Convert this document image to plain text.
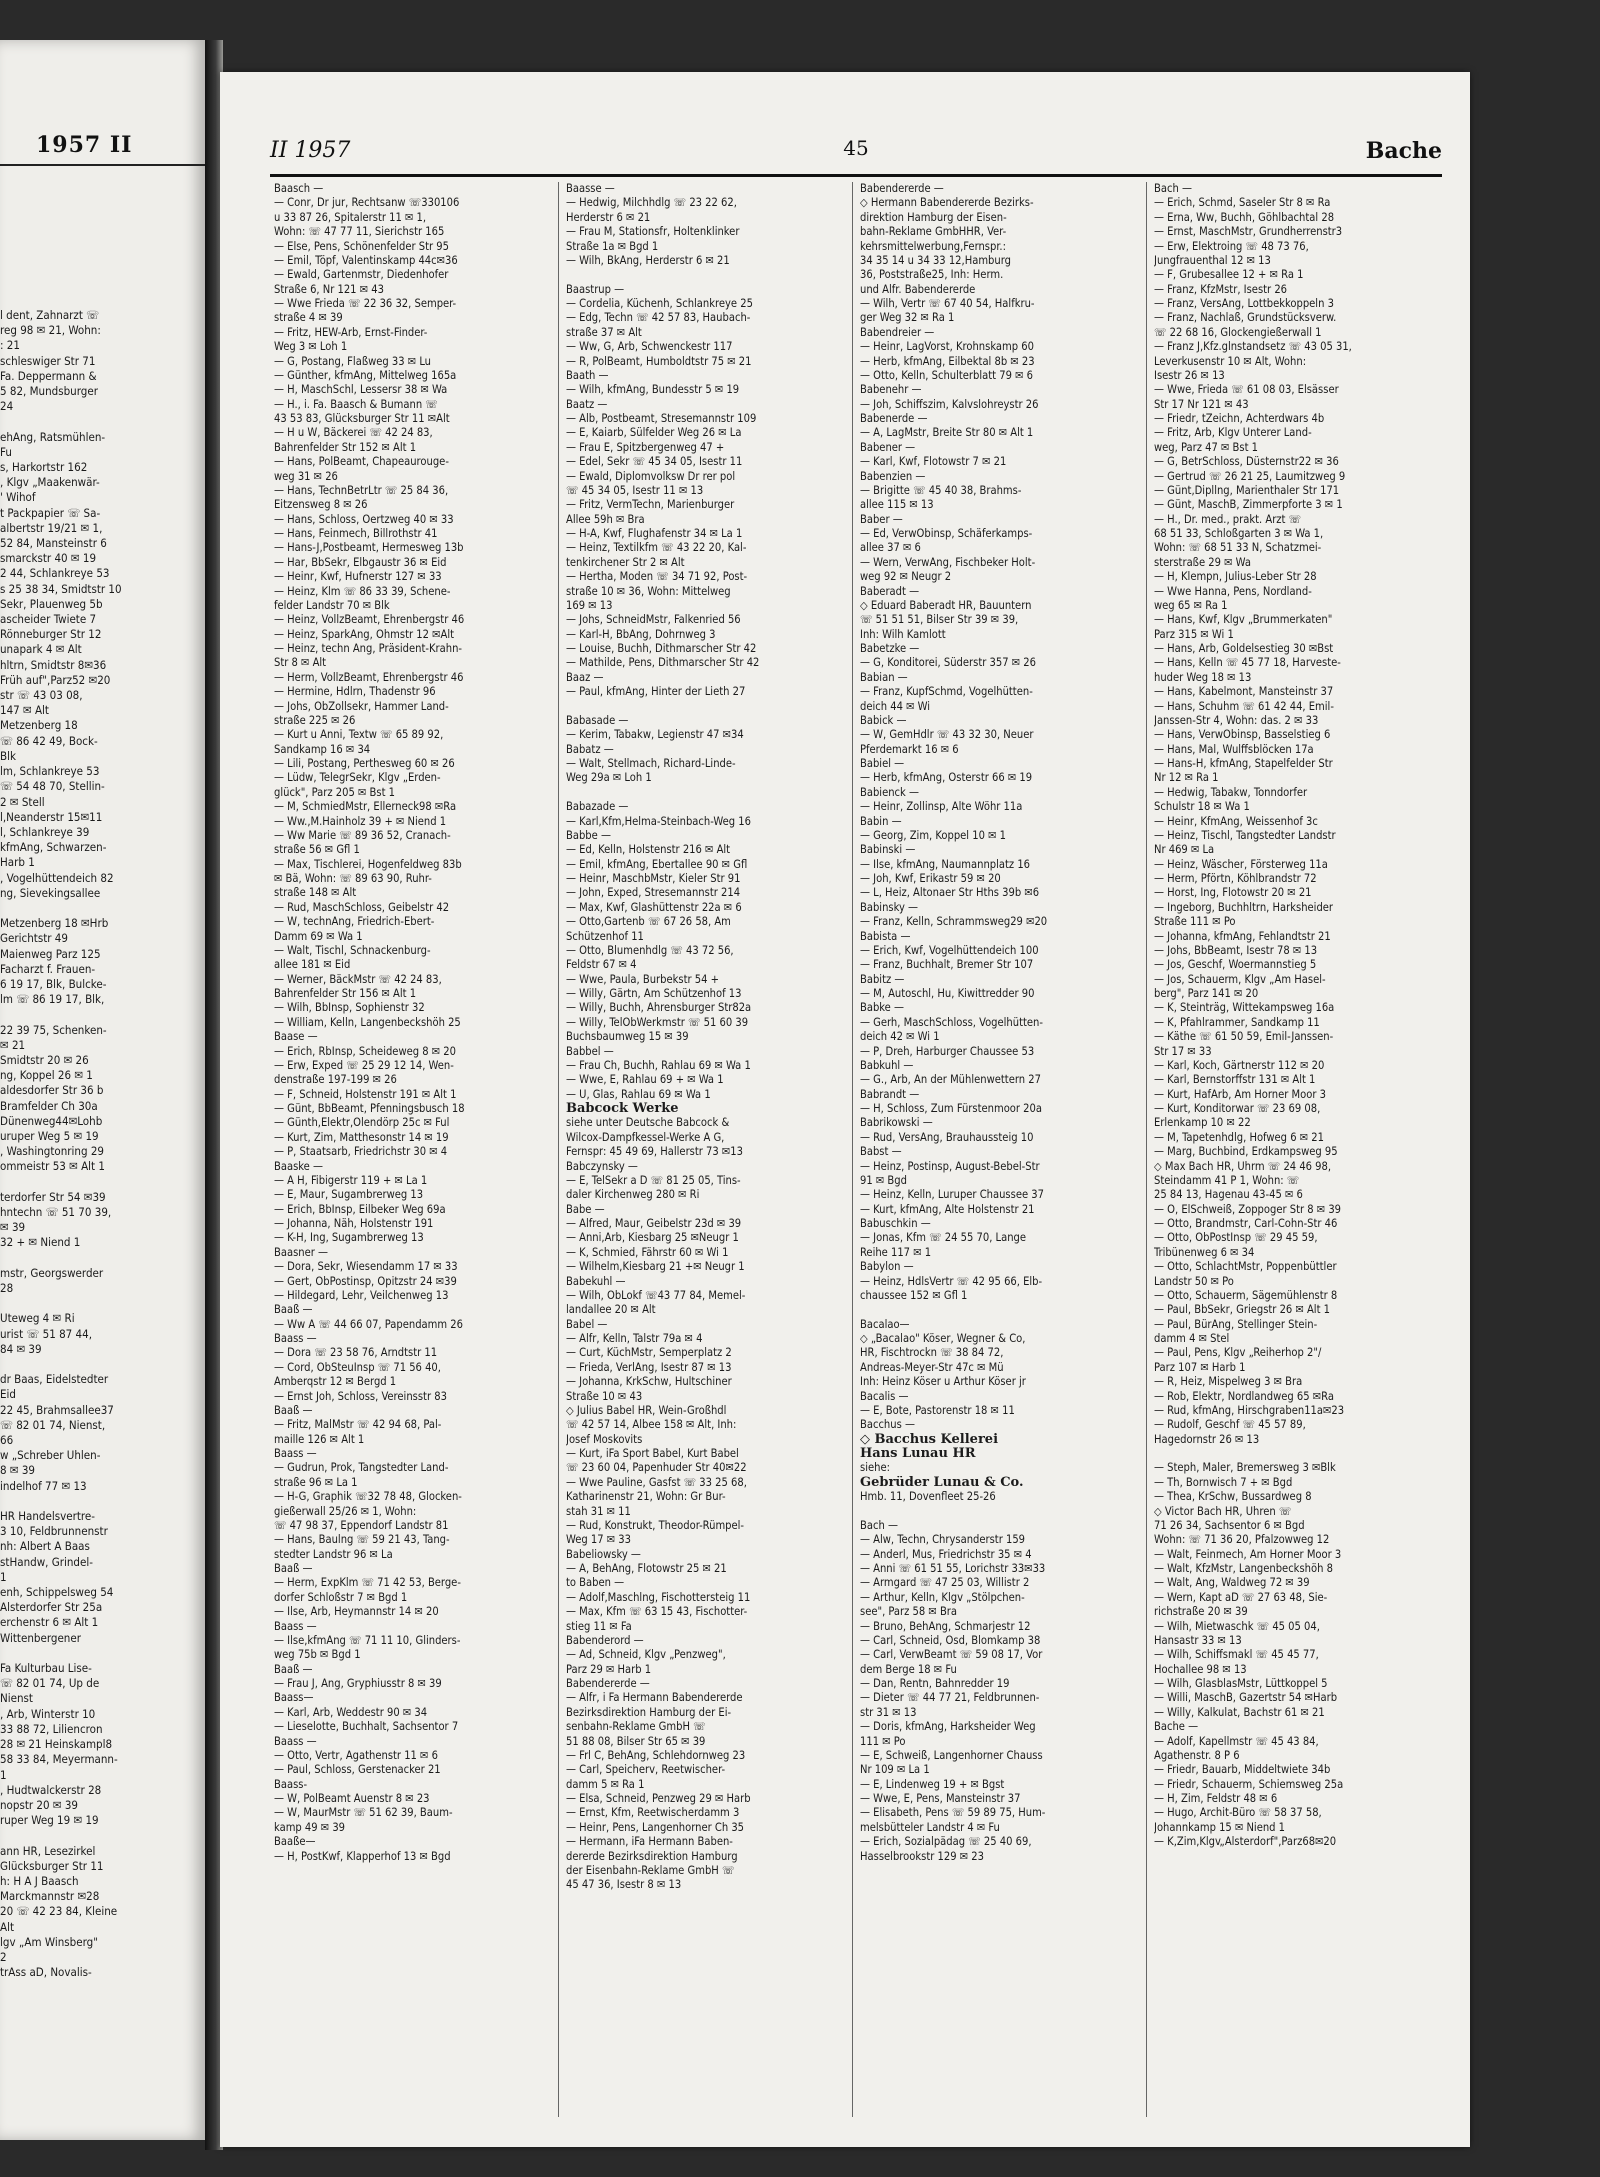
1957 II
l dent, Zahnarzt ☏
reg 98 ✉ 21, Wohn:
: 21
schleswiger Str 71
Fa. Deppermann &
5 82, Mundsburger
24

ehAng, Ratsmühlen-
Fu
s, Harkortstr 162
, Klgv „Maakenwär-
' Wihof
t Packpapier ☏ Sa-
albertstr 19/21 ✉ 1,
52 84, Mansteinstr 6
smarckstr 40 ✉ 19
2 44, Schlankreye 53
s 25 38 34, Smidtstr 10
Sekr, Plauenweg 5b
ascheider Twiete 7
Rönneburger Str 12
unapark 4 ✉ Alt
hltrn, Smidtstr 8✉36
Früh auf",Parz52 ✉20
str ☏ 43 03 08,
147 ✉ Alt
Metzenberg 18
☏ 86 42 49, Bock-
Blk
lm, Schlankreye 53
☏ 54 48 70, Stellin-
2 ✉ Stell
l,Neanderstr 15✉11
l, Schlankreye 39
kfmAng, Schwarzen-
Harb 1
, Vogelhüttendeich 82
ng, Sievekingsallee

Metzenberg 18 ✉Hrb
Gerichtstr 49
Maienweg Parz 125
Facharzt f. Frauen-
6 19 17, Blk, Bulcke-
lm ☏ 86 19 17, Blk,

22 39 75, Schenken-
✉ 21
Smidtstr 20 ✉ 26
ng, Koppel 26 ✉ 1
aldesdorfer Str 36 b
Bramfelder Ch 30a
Dünenweg44✉Lohb
uruper Weg 5 ✉ 19
, Washingtonring 29
ommeistr 53 ✉ Alt 1

terdorfer Str 54 ✉39
hntechn ☏ 51 70 39,
✉ 39
32 + ✉ Niend 1

mstr, Georgswerder
28

Uteweg 4 ✉ Ri
urist ☏ 51 87 44,
84 ✉ 39

dr Baas, Eidelstedter
Eid
22 45, Brahmsallee37
☏ 82 01 74, Nienst,
66
w „Schreber Uhlen-
8 ✉ 39
indelhof 77 ✉ 13

HR Handelsvertre-
3 10, Feldbrunnenstr
nh: Albert A Baas
stHandw, Grindel-
1
enh, Schippelsweg 54
Alsterdorfer Str 25a
erchenstr 6 ✉ Alt 1
Wittenbergener

Fa Kulturbau Lise-
☏ 82 01 74, Up de
Nienst
, Arb, Winterstr 10
33 88 72, Liliencron
28 ✉ 21 Heinskampl8
58 33 84, Meyermann-
1
, Hudtwalckerstr 28
nopstr 20 ✉ 39
ruper Weg 19 ✉ 19

ann HR, Lesezirkel
Glücksburger Str 11
h: H A J Baasch
Marckmannstr ✉28
20 ☏ 42 23 84, Kleine
Alt
lgv „Am Winsberg"
2
trAss aD, Novalis-
II 1957	45	Bache
Baasch —
— Conr, Dr jur, Rechtsanw ☏330106
u 33 87 26, Spitalerstr 11 ✉ 1,
Wohn: ☏ 47 77 11, Sierichstr 165
— Else, Pens, Schönenfelder Str 95
— Emil, Töpf, Valentinskamp 44c✉36
— Ewald, Gartenmstr, Diedenhofer
Straße 6, Nr 121 ✉ 43
— Wwe Frieda ☏ 22 36 32, Semper-
straße 4 ✉ 39
— Fritz, HEW-Arb, Ernst-Finder-
Weg 3 ✉ Loh 1
— G, Postang, Flaßweg 33 ✉ Lu
— Günther, kfmAng, Mittelweg 165a
— H, MaschSchl, Lessersr 38 ✉ Wa
— H., i. Fa. Baasch & Bumann ☏
43 53 83, Glücksburger Str 11 ✉Alt
— H u W, Bäckerei ☏ 42 24 83,
Bahrenfelder Str 152 ✉ Alt 1
— Hans, PolBeamt, Chapeaurouge-
weg 31 ✉ 26
— Hans, TechnBetrLtr ☏ 25 84 36,
Eitzensweg 8 ✉ 26
— Hans, Schloss, Oertzweg 40 ✉ 33
— Hans, Feinmech, Billrothstr 41
— Hans-J,Postbeamt, Hermesweg 13b
— Har, BbSekr, Elbgaustr 36 ✉ Eid
— Heinr, Kwf, Hufnerstr 127 ✉ 33
— Heinz, Klm ☏ 86 33 39, Schene-
felder Landstr 70 ✉ Blk
— Heinz, VollzBeamt, Ehrenbergstr 46
— Heinz, SparkAng, Ohmstr 12 ✉Alt
— Heinz, techn Ang, Präsident-Krahn-
Str 8 ✉ Alt
— Herm, VollzBeamt, Ehrenbergstr 46
— Hermine, Hdlrn, Thadenstr 96
— Johs, ObZollsekr, Hammer Land-
straße 225 ✉ 26
— Kurt u Anni, Textw ☏ 65 89 92,
Sandkamp 16 ✉ 34
— Lili, Postang, Perthesweg 60 ✉ 26
— Lüdw, TelegrSekr, Klgv „Erden-
glück", Parz 205 ✉ Bst 1
— M, SchmiedMstr, Ellerneck98 ✉Ra
— Ww.,M.Hainholz 39 + ✉ Niend 1
— Ww Marie ☏ 89 36 52, Cranach-
straße 56 ✉ Gfl 1
— Max, Tischlerei, Hogenfeldweg 83b
✉ Bä, Wohn: ☏ 89 63 90, Ruhr-
straße 148 ✉ Alt
— Rud, MaschSchloss, Geibelstr 42
— W, technAng, Friedrich-Ebert-
Damm 69 ✉ Wa 1
— Walt, Tischl, Schnackenburg-
allee 181 ✉ Eid
— Werner, BäckMstr ☏ 42 24 83,
Bahrenfelder Str 156 ✉ Alt 1
— Wilh, BbInsp, Sophienstr 32
— William, Kelln, Langenbeckshöh 25
Baase —
— Erich, RbInsp, Scheideweg 8 ✉ 20
— Erw, Exped ☏ 25 29 12 14, Wen-
denstraße 197-199 ✉ 26
— F, Schneid, Holstenstr 191 ✉ Alt 1
— Günt, BbBeamt, Pfenningsbusch 18
— Günth,Elektr,Olendörp 25c ✉ Ful
— Kurt, Zim, Matthesonstr 14 ✉ 19
— P, Staatsarb, Friedrichstr 30 ✉ 4
Baaske —
— A H, Fibigerstr 119 + ✉ La 1
— E, Maur, Sugambrerweg 13
— Erich, BbInsp, Eilbeker Weg 69a
— Johanna, Näh, Holstenstr 191
— K-H, Ing, Sugambrerweg 13
Baasner —
— Dora, Sekr, Wiesendamm 17 ✉ 33
— Gert, ObPostinsp, Opitzstr 24 ✉39
— Hildegard, Lehr, Veilchenweg 13
Baaß —
— Ww A ☏ 44 66 07, Papendamm 26
Baass —
— Dora ☏ 23 58 76, Arndtstr 11
— Cord, ObSteuInsp ☏ 71 56 40,
Amberqstr 12 ✉ Bergd 1
— Ernst Joh, Schloss, Vereinsstr 83
Baaß —
— Fritz, MalMstr ☏ 42 94 68, Pal-
maille 126 ✉ Alt 1
Baass —
— Gudrun, Prok, Tangstedter Land-
straße 96 ✉ La 1
— H-G, Graphik ☏32 78 48, Glocken-
gießerwall 25/26 ✉ 1, Wohn:
☏ 47 98 37, Eppendorf Landstr 81
— Hans, Baulng ☏ 59 21 43, Tang-
stedter Landstr 96 ✉ La
Baaß —
— Herm, ExpKlm ☏ 71 42 53, Berge-
dorfer Schloßstr 7 ✉ Bgd 1
— Ilse, Arb, Heymannstr 14 ✉ 20
Baass —
— Ilse,kfmAng ☏ 71 11 10, Glinders-
weg 75b ✉ Bgd 1
Baaß —
— Frau J, Ang, Gryphiusstr 8 ✉ 39
Baass—
— Karl, Arb, Weddestr 90 ✉ 34
— Lieselotte, Buchhalt, Sachsentor 7
Baass —
— Otto, Vertr, Agathenstr 11 ✉ 6
— Paul, Schloss, Gerstenacker 21
Baass-
— W, PolBeamt Auenstr 8 ✉ 23
— W, MaurMstr ☏ 51 62 39, Baum-
kamp 49 ✉ 39
Baaße—
— H, PostKwf, Klapperhof 13 ✉ Bgd
Baasse —
— Hedwig, Milchhdlg ☏ 23 22 62,
Herderstr 6 ✉ 21
— Frau M, Stationsfr, Holtenklinker
Straße 1a ✉ Bgd 1
— Wilh, BkAng, Herderstr 6 ✉ 21

Baastrup —
— Cordelia, Küchenh, Schlankreye 25
— Edg, Techn ☏ 42 57 83, Haubach-
straße 37 ✉ Alt
— Ww, G, Arb, Schwenckestr 117
— R, PolBeamt, Humboldtstr 75 ✉ 21
Baath —
— Wilh, kfmAng, Bundesstr 5 ✉ 19
Baatz —
— Alb, Postbeamt, Stresemannstr 109
— E, Kaiarb, Sülfelder Weg 26 ✉ La
— Frau E, Spitzbergenweg 47 +
— Edel, Sekr ☏ 45 34 05, Isestr 11
— Ewald, Diplomvolksw Dr rer pol
☏ 45 34 05, Isestr 11 ✉ 13
— Fritz, VermTechn, Marienburger
Allee 59h ✉ Bra
— H-A, Kwf, Flughafenstr 34 ✉ La 1
— Heinz, Textilkfm ☏ 43 22 20, Kal-
tenkirchener Str 2 ✉ Alt
— Hertha, Moden ☏ 34 71 92, Post-
straße 10 ✉ 36, Wohn: Mittelweg
169 ✉ 13
— Johs, SchneidMstr, Falkenried 56
— Karl-H, BbAng, Dohrnweg 3
— Louise, Buchh, Dithmarscher Str 42
— Mathilde, Pens, Dithmarscher Str 42
Baaz —
— Paul, kfmAng, Hinter der Lieth 27

Babasade —
— Kerim, Tabakw, Legienstr 47 ✉34
Babatz —
— Walt, Stellmach, Richard-Linde-
Weg 29a ✉ Loh 1

Babazade —
— Karl,Kfm,Helma-Steinbach-Weg 16
Babbe —
— Ed, Kelln, Holstenstr 216 ✉ Alt
— Emil, kfmAng, Ebertallee 90 ✉ Gfl
— Heinr, MaschbMstr, Kieler Str 91
— John, Exped, Stresemannstr 214
— Max, Kwf, Glashüttenstr 22a ✉ 6
— Otto,Gartenb ☏ 67 26 58, Am
Schützenhof 11
— Otto, Blumenhdlg ☏ 43 72 56,
Feldstr 67 ✉ 4
— Wwe, Paula, Burbekstr 54 +
— Willy, Gärtn, Am Schützenhof 13
— Willy, Buchh, Ahrensburger Str82a
— Willy, TelObWerkmstr ☏ 51 60 39
Buchsbaumweg 15 ✉ 39
Babbel —
— Frau Ch, Buchh, Rahlau 69 ✉ Wa 1
— Wwe, E, Rahlau 69 + ✉ Wa 1
— U, Glas, Rahlau 69 ✉ Wa 1
Babcock Werke
siehe unter Deutsche Babcock &
Wilcox-Dampfkessel-Werke A G,
Fernspr: 45 49 69, Hallerstr 73 ✉13
Babczynsky —
— E, TelSekr a D ☏ 81 25 05, Tins-
daler Kirchenweg 280 ✉ Ri
Babe —
— Alfred, Maur, Geibelstr 23d ✉ 39
— Anni,Arb, Kiesbarg 25 ✉Neugr 1
— K, Schmied, Fährstr 60 ✉ Wi 1
— Wilhelm,Kiesbarg 21 +✉ Neugr 1
Babekuhl —
— Wilh, ObLokf ☏43 77 84, Memel-
landallee 20 ✉ Alt
Babel —
— Alfr, Kelln, Talstr 79a ✉ 4
— Curt, KüchMstr, Semperplatz 2
— Frieda, VerlAng, Isestr 87 ✉ 13
— Johanna, KrkSchw, Hultschiner
Straße 10 ✉ 43
◇ Julius Babel HR, Wein-Großhdl
☏ 42 57 14, Albee 158 ✉ Alt, Inh:
Josef Moskovits
— Kurt, iFa Sport Babel, Kurt Babel
☏ 23 60 04, Papenhuder Str 40✉22
— Wwe Pauline, Gasfst ☏ 33 25 68,
Katharinenstr 21, Wohn: Gr Bur-
stah 31 ✉ 11
— Rud, Konstrukt, Theodor-Rümpel-
Weg 17 ✉ 33
Babeliowsky —
— A, BehAng, Flotowstr 25 ✉ 21
to Baben —
— Adolf,Maschlng, Fischottersteig 11
— Max, Kfm ☏ 63 15 43, Fischotter-
stieg 11 ✉ Fa
Babenderord —
— Ad, Schneid, Klgv „Penzweg",
Parz 29 ✉ Harb 1
Babendererde —
— Alfr, i Fa Hermann Babendererde
Bezirksdirektion Hamburg der Ei-
senbahn-Reklame GmbH ☏
51 88 08, Bilser Str 65 ✉ 39
— Frl C, BehAng, Schlehdornweg 23
— Carl, Speicherv, Reetwischer-
damm 5 ✉ Ra 1
— Elsa, Schneid, Penzweg 29 ✉ Harb
— Ernst, Kfm, Reetwischerdamm 3
— Heinr, Pens, Langenhorner Ch 35
— Hermann, iFa Hermann Baben-
dererde Bezirksdirektion Hamburg
der Eisenbahn-Reklame GmbH ☏
45 47 36, Isestr 8 ✉ 13
Babendererde —
◇ Hermann Babendererde Bezirks-
direktion Hamburg der Eisen-
bahn-Reklame GmbHHR, Ver-
kehrsmittelwerbung,Fernspr.:
34 35 14 u 34 33 12,Hamburg
36, Poststraße25, Inh: Herm.
und Alfr. Babendererde
— Wilh, Vertr ☏ 67 40 54, Halfkru-
ger Weg 32 ✉ Ra 1
Babendreier —
— Heinr, LagVorst, Krohnskamp 60
— Herb, kfmAng, Eilbektal 8b ✉ 23
— Otto, Kelln, Schulterblatt 79 ✉ 6
Babenehr —
— Joh, Schiffszim, Kalvslohreystr 26
Babenerde —
— A, LagMstr, Breite Str 80 ✉ Alt 1
Babener —
— Karl, Kwf, Flotowstr 7 ✉ 21
Babenzien —
— Brigitte ☏ 45 40 38, Brahms-
allee 115 ✉ 13
Baber —
— Ed, VerwObinsp, Schäferkamps-
allee 37 ✉ 6
— Wern, VerwAng, Fischbeker Holt-
weg 92 ✉ Neugr 2
Baberadt —
◇ Eduard Baberadt HR, Bauuntern
☏ 51 51 51, Bilser Str 39 ✉ 39,
Inh: Wilh Kamlott
Babetzke —
— G, Konditorei, Süderstr 357 ✉ 26
Babian —
— Franz, KupfSchmd, Vogelhütten-
deich 44 ✉ Wi
Babick —
— W, GemHdlr ☏ 43 32 30, Neuer
Pferdemarkt 16 ✉ 6
Babiel —
— Herb, kfmAng, Osterstr 66 ✉ 19
Babienck —
— Heinr, Zollinsp, Alte Wöhr 11a
Babin —
— Georg, Zim, Koppel 10 ✉ 1
Babinski —
— Ilse, kfmAng, Naumannplatz 16
— Joh, Kwf, Erikastr 59 ✉ 20
— L, Heiz, Altonaer Str Hths 39b ✉6
Babinsky —
— Franz, Kelln, Schrammsweg29 ✉20
Babista —
— Erich, Kwf, Vogelhüttendeich 100
— Franz, Buchhalt, Bremer Str 107
Babitz —
— M, Autoschl, Hu, Kiwittredder 90
Babke —
— Gerh, MaschSchloss, Vogelhütten-
deich 42 ✉ Wi 1
— P, Dreh, Harburger Chaussee 53
Babkuhl —
— G., Arb, An der Mühlenwettern 27
Babrandt —
— H, Schloss, Zum Fürstenmoor 20a
Babrikowski —
— Rud, VersAng, Brauhaussteig 10
Babst —
— Heinz, Postinsp, August-Bebel-Str
91 ✉ Bgd
— Heinz, Kelln, Luruper Chaussee 37
— Kurt, kfmAng, Alte Holstenstr 21
Babuschkin —
— Jonas, Kfm ☏ 24 55 70, Lange
Reihe 117 ✉ 1
Babylon —
— Heinz, HdlsVertr ☏ 42 95 66, Elb-
chaussee 152 ✉ Gfl 1

Bacalao—
◇ „Bacalao" Köser, Wegner & Co,
HR, Fischtrockn ☏ 38 84 72,
Andreas-Meyer-Str 47c ✉ Mü
Inh: Heinz Köser u Arthur Köser jr
Bacalis —
— E, Bote, Pastorenstr 18 ✉ 11
Bacchus —
◇ Bacchus Kellerei
Hans Lunau HR
siehe:
Gebrüder Lunau & Co.
Hmb. 11, Dovenfleet 25-26

Bach —
— Alw, Techn, Chrysanderstr 159
— Anderl, Mus, Friedrichstr 35 ✉ 4
— Anni ☏ 61 51 55, Lorichstr 33✉33
— Armgard ☏ 47 25 03, Willistr 2
— Arthur, Kelln, Klgv „Stölpchen-
see", Parz 58 ✉ Bra
— Bruno, BehAng, Schmarjestr 12
— Carl, Schneid, Osd, Blomkamp 38
— Carl, VerwBeamt ☏ 59 08 17, Vor
dem Berge 18 ✉ Fu
— Dan, Rentn, Bahnredder 19
— Dieter ☏ 44 77 21, Feldbrunnen-
str 31 ✉ 13
— Doris, kfmAng, Harksheider Weg
111 ✉ Po
— E, Schweiß, Langenhorner Chauss
Nr 109 ✉ La 1
— E, Lindenweg 19 + ✉ Bgst
— Wwe, E, Pens, Mansteinstr 37
— Elisabeth, Pens ☏ 59 89 75, Hum-
melsbütteler Landstr 4 ✉ Fu
— Erich, Sozialpädag ☏ 25 40 69,
Hasselbrookstr 129 ✉ 23
Bach —
— Erich, Schmd, Saseler Str 8 ✉ Ra
— Erna, Ww, Buchh, Göhlbachtal 28
— Ernst, MaschMstr, Grundherrenstr3
— Erw, Elektroing ☏ 48 73 76,
Jungfrauenthal 12 ✉ 13
— F, Grubesallee 12 + ✉ Ra 1
— Franz, KfzMstr, Isestr 26
— Franz, VersAng, Lottbekkoppeln 3
— Franz, Nachlaß, Grundstücksverw.
☏ 22 68 16, Glockengießerwall 1
— Franz J,Kfz.glnstandsetz ☏ 43 05 31,
Leverkusenstr 10 ✉ Alt, Wohn:
Isestr 26 ✉ 13
— Wwe, Frieda ☏ 61 08 03, Elsässer
Str 17 Nr 121 ✉ 43
— Friedr, tZeichn, Achterdwars 4b
— Fritz, Arb, Klgv Unterer Land-
weg, Parz 47 ✉ Bst 1
— G, BetrSchloss, Düsternstr22 ✉ 36
— Gertrud ☏ 26 21 25, Laumitzweg 9
— Günt,Dipllng, Marienthaler Str 171
— Günt, MaschB, Zimmerpforte 3 ✉ 1
— H., Dr. med., prakt. Arzt ☏
68 51 33, Schloßgarten 3 ✉ Wa 1,
Wohn: ☏ 68 51 33 N, Schatzmei-
sterstraße 29 ✉ Wa
— H, Klempn, Julius-Leber Str 28
— Wwe Hanna, Pens, Nordland-
weg 65 ✉ Ra 1
— Hans, Kwf, Klgv „Brummerkaten"
Parz 315 ✉ Wi 1
— Hans, Arb, Goldelsestieg 30 ✉Bst
— Hans, Kelln ☏ 45 77 18, Harveste-
huder Weg 18 ✉ 13
— Hans, Kabelmont, Mansteinstr 37
— Hans, Schuhm ☏ 61 42 44, Emil-
Janssen-Str 4, Wohn: das. 2 ✉ 33
— Hans, VerwObinsp, Basselstieg 6
— Hans, Mal, Wulffsblöcken 17a
— Hans-H, kfmAng, Stapelfelder Str
Nr 12 ✉ Ra 1
— Hedwig, Tabakw, Tonndorfer
Schulstr 18 ✉ Wa 1
— Heinr, KfmAng, Weissenhof 3c
— Heinz, Tischl, Tangstedter Landstr
Nr 469 ✉ La
— Heinz, Wäscher, Försterweg 11a
— Herm, Pförtn, Köhlbrandstr 72
— Horst, Ing, Flotowstr 20 ✉ 21
— Ingeborg, Buchhltrn, Harksheider
Straße 111 ✉ Po
— Johanna, kfmAng, Fehlandtstr 21
— Johs, BbBeamt, Isestr 78 ✉ 13
— Jos, Geschf, Woermannstieg 5
— Jos, Schauerm, Klgv „Am Hasel-
berg", Parz 141 ✉ 20
— K, Steinträg, Wittekampsweg 16a
— K, Pfahlrammer, Sandkamp 11
— Käthe ☏ 61 50 59, Emil-Janssen-
Str 17 ✉ 33
— Karl, Koch, Gärtnerstr 112 ✉ 20
— Karl, Bernstorffstr 131 ✉ Alt 1
— Kurt, HafArb, Am Horner Moor 3
— Kurt, Konditorwar ☏ 23 69 08,
Erlenkamp 10 ✉ 22
— M, Tapetenhdlg, Hofweg 6 ✉ 21
— Marg, Buchbind, Erdkampsweg 95
◇ Max Bach HR, Uhrm ☏ 24 46 98,
Steindamm 41 P 1, Wohn: ☏
25 84 13, Hagenau 43-45 ✉ 6
— O, ElSchweiß, Zoppoger Str 8 ✉ 39
— Otto, Brandmstr, Carl-Cohn-Str 46
— Otto, ObPostInsp ☏ 29 45 59,
Tribünenweg 6 ✉ 34
— Otto, SchlachtMstr, Poppenbüttler
Landstr 50 ✉ Po
— Otto, Schauerm, Sägemühlenstr 8
— Paul, BbSekr, Griegstr 26 ✉ Alt 1
— Paul, BürAng, Stellinger Stein-
damm 4 ✉ Stel
— Paul, Pens, Klgv „Reiherhop 2"/
Parz 107 ✉ Harb 1
— R, Heiz, Mispelweg 3 ✉ Bra
— Rob, Elektr, Nordlandweg 65 ✉Ra
— Rud, kfmAng, Hirschgraben11a✉23
— Rudolf, Geschf ☏ 45 57 89,
Hagedornstr 26 ✉ 13

— Steph, Maler, Bremersweg 3 ✉Blk
— Th, Bornwisch 7 + ✉ Bgd
— Thea, KrSchw, Bussardweg 8
◇ Victor Bach HR, Uhren ☏
71 26 34, Sachsentor 6 ✉ Bgd
Wohn: ☏ 71 36 20, Pfalzowweg 12
— Walt, Feinmech, Am Horner Moor 3
— Walt, KfzMstr, Langenbeckshöh 8
— Walt, Ang, Waldweg 72 ✉ 39
— Wern, Kapt aD ☏ 27 63 48, Sie-
richstraße 20 ✉ 39
— Wilh, Mietwaschk ☏ 45 05 04,
Hansastr 33 ✉ 13
— Wilh, Schiffsmakl ☏ 45 45 77,
Hochallee 98 ✉ 13
— Wilh, GlasblasMstr, Lüttkoppel 5
— Willi, MaschB, Gazertstr 54 ✉Harb
— Willy, Kalkulat, Bachstr 61 ✉ 21
Bache —
— Adolf, Kapellmstr ☏ 45 43 84,
Agathenstr. 8 P 6
— Friedr, Bauarb, Middeltwiete 34b
— Friedr, Schauerm, Schiemsweg 25a
— H, Zim, Feldstr 48 ✉ 6
— Hugo, Archit-Büro ☏ 58 37 58,
Johannkamp 15 ✉ Niend 1
— K,Zim,Klgv„Alsterdorf",Parz68✉20
